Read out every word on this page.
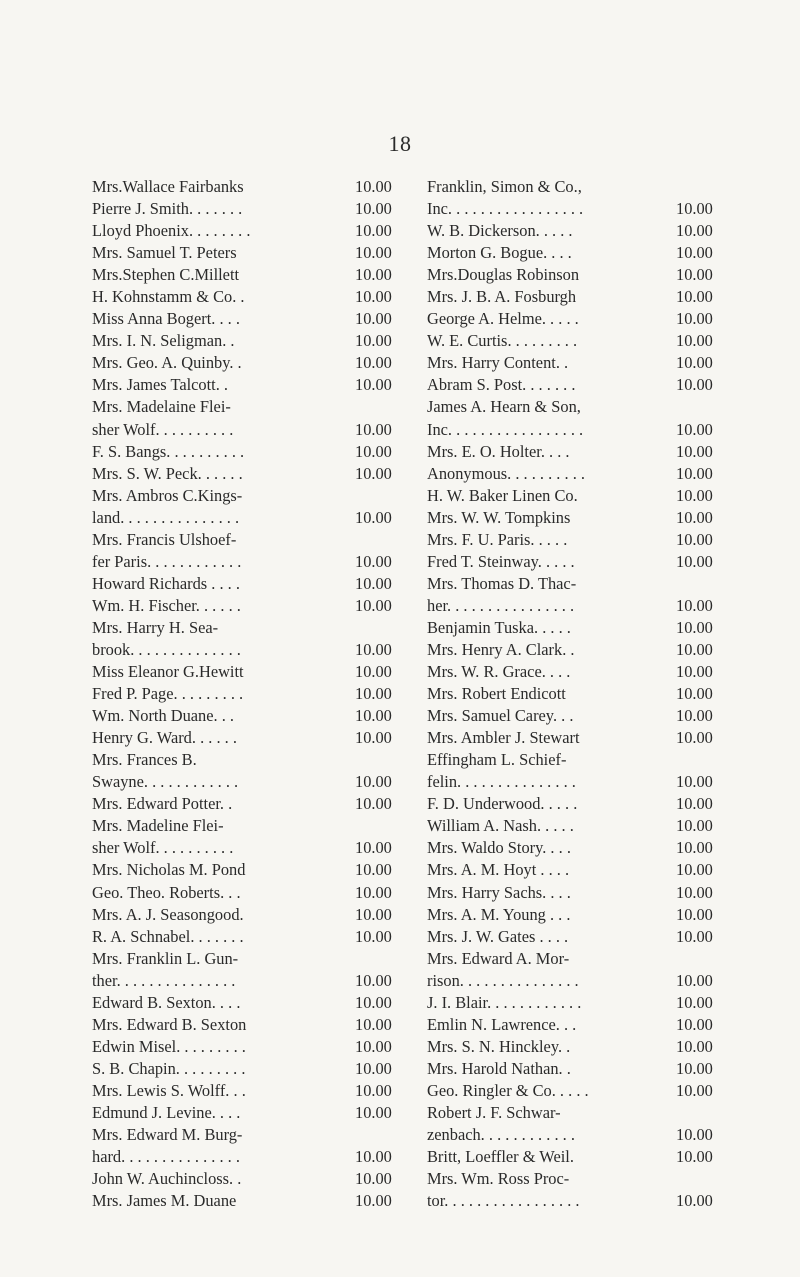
18
Mrs.Wallace Fairbanks	10.00
Pierre J. Smith. . . . . . .	10.00
Lloyd Phoenix. . . . . . . .	10.00
Mrs. Samuel T. Peters	10.00
Mrs.Stephen C.Millett	10.00
H. Kohnstamm & Co. .	10.00
Miss Anna Bogert. . . .	10.00
Mrs. I. N. Seligman. .	10.00
Mrs. Geo. A. Quinby. .	10.00
Mrs. James Talcott. .	10.00
Mrs. Madelaine Flei-
sher Wolf. . . . . . . . . .	10.00
F. S. Bangs. . . . . . . . . .	10.00
Mrs. S. W. Peck. . . . . .	10.00
Mrs. Ambros C.Kings-
land. . . . . . . . . . . . . . .	10.00
Mrs. Francis Ulshoef-
fer Paris. . . . . . . . . . . .	10.00
Howard Richards . . . .	10.00
Wm. H. Fischer. . . . . .	10.00
Mrs. Harry H. Sea-
brook. . . . . . . . . . . . . .	10.00
Miss Eleanor G.Hewitt	10.00
Fred P. Page. . . . . . . . .	10.00
Wm. North Duane. . .	10.00
Henry G. Ward. . . . . .	10.00
Mrs. Frances B.
Swayne. . . . . . . . . . . .	10.00
Mrs. Edward Potter. .	10.00
Mrs. Madeline Flei-
sher Wolf. . . . . . . . . .	10.00
Mrs. Nicholas M. Pond	10.00
Geo. Theo. Roberts. . .	10.00
Mrs. A. J. Seasongood.	10.00
R. A. Schnabel. . . . . . .	10.00
Mrs. Franklin L. Gun-
ther. . . . . . . . . . . . . . .	10.00
Edward B. Sexton. . . .	10.00
Mrs. Edward B. Sexton	10.00
Edwin Misel. . . . . . . . .	10.00
S. B. Chapin. . . . . . . . .	10.00
Mrs. Lewis S. Wolff. . .	10.00
Edmund J. Levine. . . .	10.00
Mrs. Edward M. Burg-
hard. . . . . . . . . . . . . . .	10.00
John W. Auchincloss. .	10.00
Mrs. James M. Duane	10.00
Franklin, Simon & Co.,
Inc. . . . . . . . . . . . . . . . .	10.00
W. B. Dickerson. . . . .	10.00
Morton G. Bogue. . . .	10.00
Mrs.Douglas Robinson	10.00
Mrs. J. B. A. Fosburgh	10.00
George A. Helme. . . . .	10.00
W. E. Curtis. . . . . . . . .	10.00
Mrs. Harry Content. .	10.00
Abram S. Post. . . . . . .	10.00
James A. Hearn & Son,
Inc. . . . . . . . . . . . . . . . .	10.00
Mrs. E. O. Holter. . . .	10.00
Anonymous. . . . . . . . . .	10.00
H. W. Baker Linen Co.	10.00
Mrs. W. W. Tompkins	10.00
Mrs. F. U. Paris. . . . .	10.00
Fred T. Steinway. . . . .	10.00
Mrs. Thomas D. Thac-
her. . . . . . . . . . . . . . . .	10.00
Benjamin Tuska. . . . .	10.00
Mrs. Henry A. Clark. .	10.00
Mrs. W. R. Grace. . . .	10.00
Mrs. Robert Endicott	10.00
Mrs. Samuel Carey. . .	10.00
Mrs. Ambler J. Stewart	10.00
Effingham L. Schief-
felin. . . . . . . . . . . . . . .	10.00
F. D. Underwood. . . . .	10.00
William A. Nash. . . . .	10.00
Mrs. Waldo Story. . . .	10.00
Mrs. A. M. Hoyt . . . .	10.00
Mrs. Harry Sachs. . . .	10.00
Mrs. A. M. Young . . .	10.00
Mrs. J. W. Gates . . . .	10.00
Mrs. Edward A. Mor-
rison. . . . . . . . . . . . . . .	10.00
J. I. Blair. . . . . . . . . . . .	10.00
Emlin N. Lawrence. . .	10.00
Mrs. S. N. Hinckley. .	10.00
Mrs. Harold Nathan. .	10.00
Geo. Ringler & Co. . . . .	10.00
Robert J. F. Schwar-
zenbach. . . . . . . . . . . .	10.00
Britt, Loeffler & Weil.	10.00
Mrs. Wm. Ross Proc-
tor. . . . . . . . . . . . . . . . .	10.00
